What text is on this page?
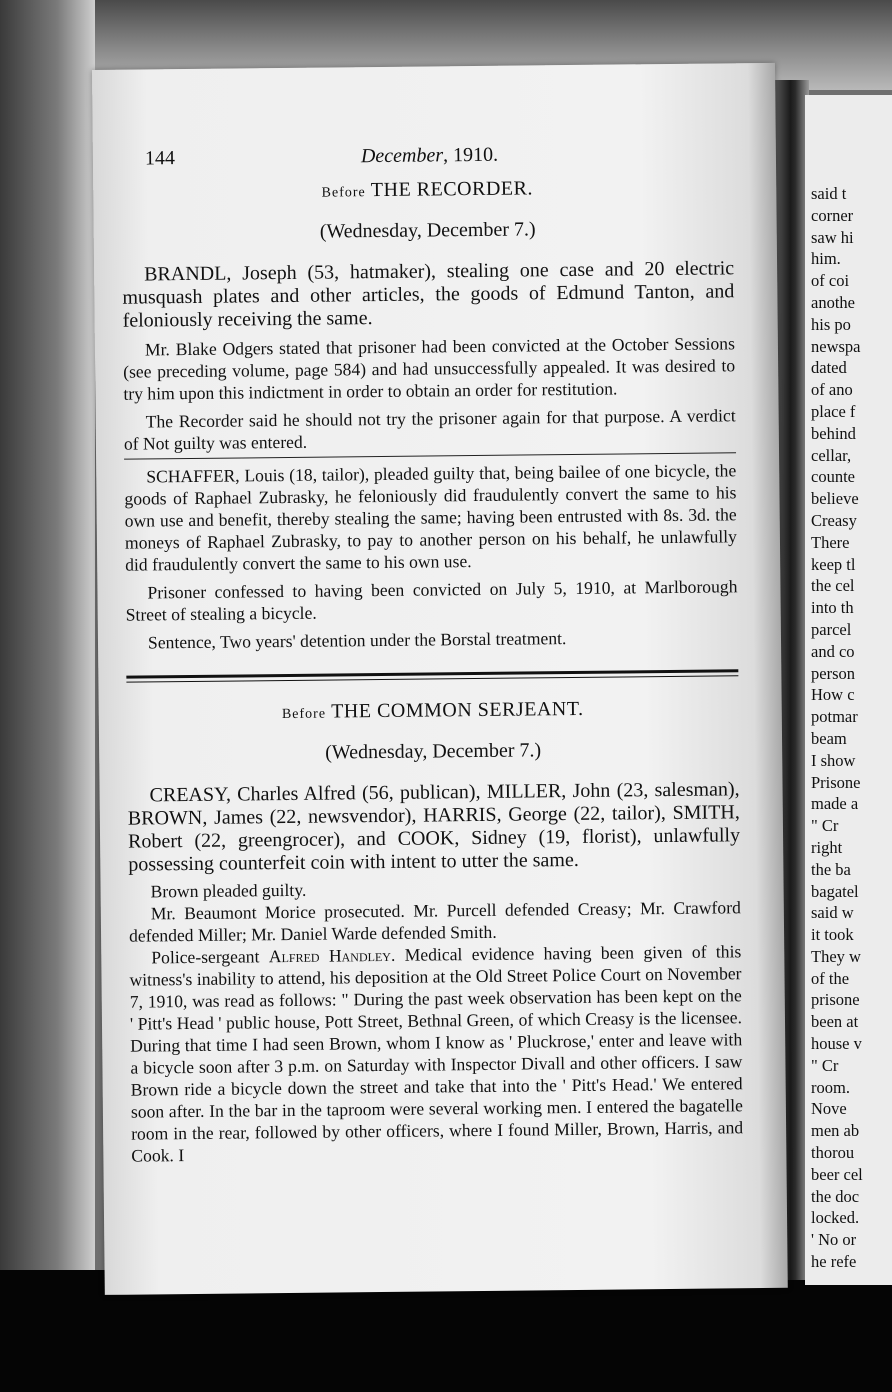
said t
corner
saw hi
him.
of coi
anothe
his po
newspa
dated
of ano
place f
behind
cellar,
counte
believe
Creasy
There
keep tl
the cel
into th
parcel
and co
person
How c
potmar
beam
I show
Prisone
made a
" Cr
right
the ba
bagatel
said w
it took
They w
of the
prisone
been at
house v
" Cr
room.
Nove
men ab
thorou
beer cel
the doc
locked.
' No or
he refe
144	December, 1910.
Before THE RECORDER.
(Wednesday, December 7.)

BRANDL, Joseph (53, hatmaker), stealing one case and 20 electric musquash plates and other articles, the goods of Edmund Tanton, and feloniously receiving the same.

Mr. Blake Odgers stated that prisoner had been convicted at the October Sessions (see preceding volume, page 584) and had unsuccessfully appealed. It was desired to try him upon this indictment in order to obtain an order for restitution.

The Recorder said he should not try the prisoner again for that purpose. A verdict of Not guilty was entered.

SCHAFFER, Louis (18, tailor), pleaded guilty that, being bailee of one bicycle, the goods of Raphael Zubrasky, he feloniously did fraudulently convert the same to his own use and benefit, thereby stealing the same; having been entrusted with 8s. 3d. the moneys of Raphael Zubrasky, to pay to another person on his behalf, he unlawfully did fraudulently convert the same to his own use.

Prisoner confessed to having been convicted on July 5, 1910, at Marlborough Street of stealing a bicycle.

Sentence, Two years' detention under the Borstal treatment.

Before THE COMMON SERJEANT.
(Wednesday, December 7.)

CREASY, Charles Alfred (56, publican), MILLER, John (23, salesman), BROWN, James (22, newsvendor), HARRIS, George (22, tailor), SMITH, Robert (22, greengrocer), and COOK, Sidney (19, florist), unlawfully possessing counterfeit coin with intent to utter the same.

Brown pleaded guilty.

Mr. Beaumont Morice prosecuted. Mr. Purcell defended Creasy; Mr. Crawford defended Miller; Mr. Daniel Warde defended Smith.

Police-sergeant Alfred Handley. Medical evidence having been given of this witness's inability to attend, his deposition at the Old Street Police Court on November 7, 1910, was read as follows: " During the past week observation has been kept on the ' Pitt's Head ' public house, Pott Street, Bethnal Green, of which Creasy is the licensee. During that time I had seen Brown, whom I know as ' Pluckrose,' enter and leave with a bicycle soon after 3 p.m. on Saturday with Inspector Divall and other officers. I saw Brown ride a bicycle down the street and take that into the ' Pitt's Head.' We entered soon after. In the bar in the taproom were several working men. I entered the bagatelle room in the rear, followed by other officers, where I found Miller, Brown, Harris, and Cook. I
